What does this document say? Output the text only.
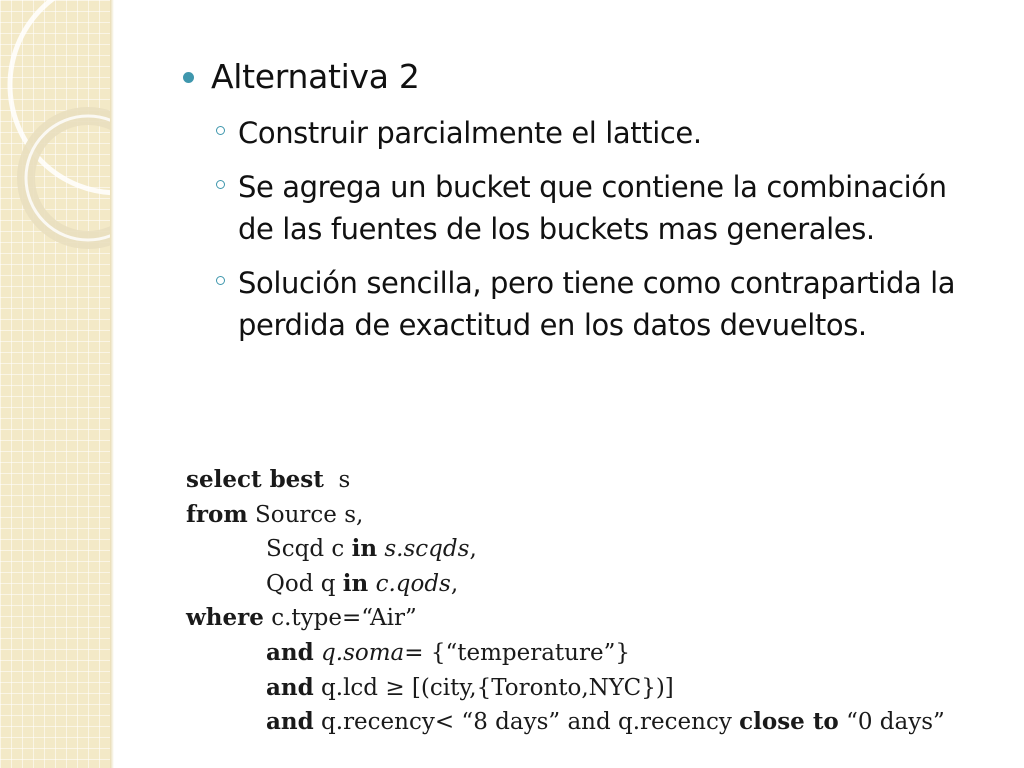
Alternativa 2
Construir parcialmente el lattice.
Se agrega un bucket que contiene la combinación de las fuentes de los buckets mas generales.
Solución sencilla, pero tiene como contrapartida la perdida de exactitud en los datos devueltos.
select best s
from Source s,
Scqd c in s.scqds,
Qod q in c.qods,
where c.type=“Air”
and q.soma= {“temperature”}
and q.lcd ≥ [(city,{Toronto,NYC})]
and q.recency< “8 days” and q.recency close to “0 days”
